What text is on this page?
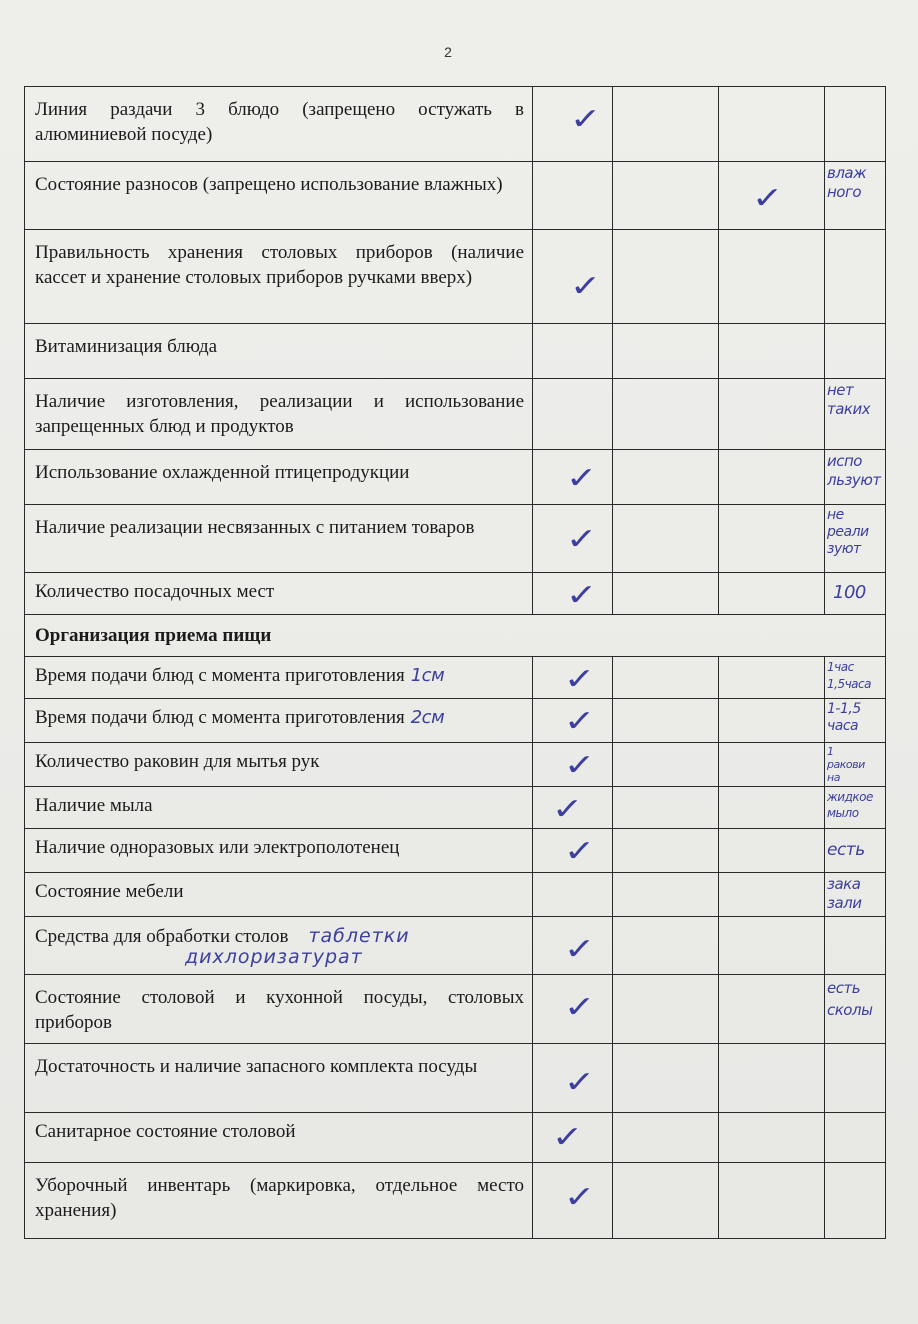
2
Линия раздачи 3 блюдо (запрещено остужать в алюминиевой посуде)	✓			

Состояние разносов (запрещено использование влажных)			✓	влаж
ного

Правильность хранения столовых приборов (наличие кассет и хранение столовых приборов ручками вверх)	✓			

Витаминизация блюда				
Наличие изготовления, реализации и использование запрещенных блюд и продуктов				нет
таких

Использование охлажденной птицепродукции	✓			испо
льзуют

Наличие реализации несвязанных с питанием товаров	✓			не
реали
зуют

Количество посадочных мест	✓			100

Организация приема пищи				
Время подачи блюд с момента приготовления 1см	✓			1час
1,5часа

Время подачи блюд с момента приготовления 2см	✓			1-1,5
часа

Количество раковин для мытья рук	✓			1
ракови
на

Наличие мыла	✓			жидкое
мыло

Наличие одноразовых или электрополотенец	✓			есть

Состояние мебели				зака
зали

Средства для обработки столов таблетки
дихлоризатурат	✓			

Состояние столовой и кухонной посуды, столовых приборов	✓			есть
сколы

Достаточность и наличие запасного комплекта посуды	✓			

Санитарное состояние столовой	✓			

Уборочный инвентарь (маркировка, отдельное место хранения)	✓			
